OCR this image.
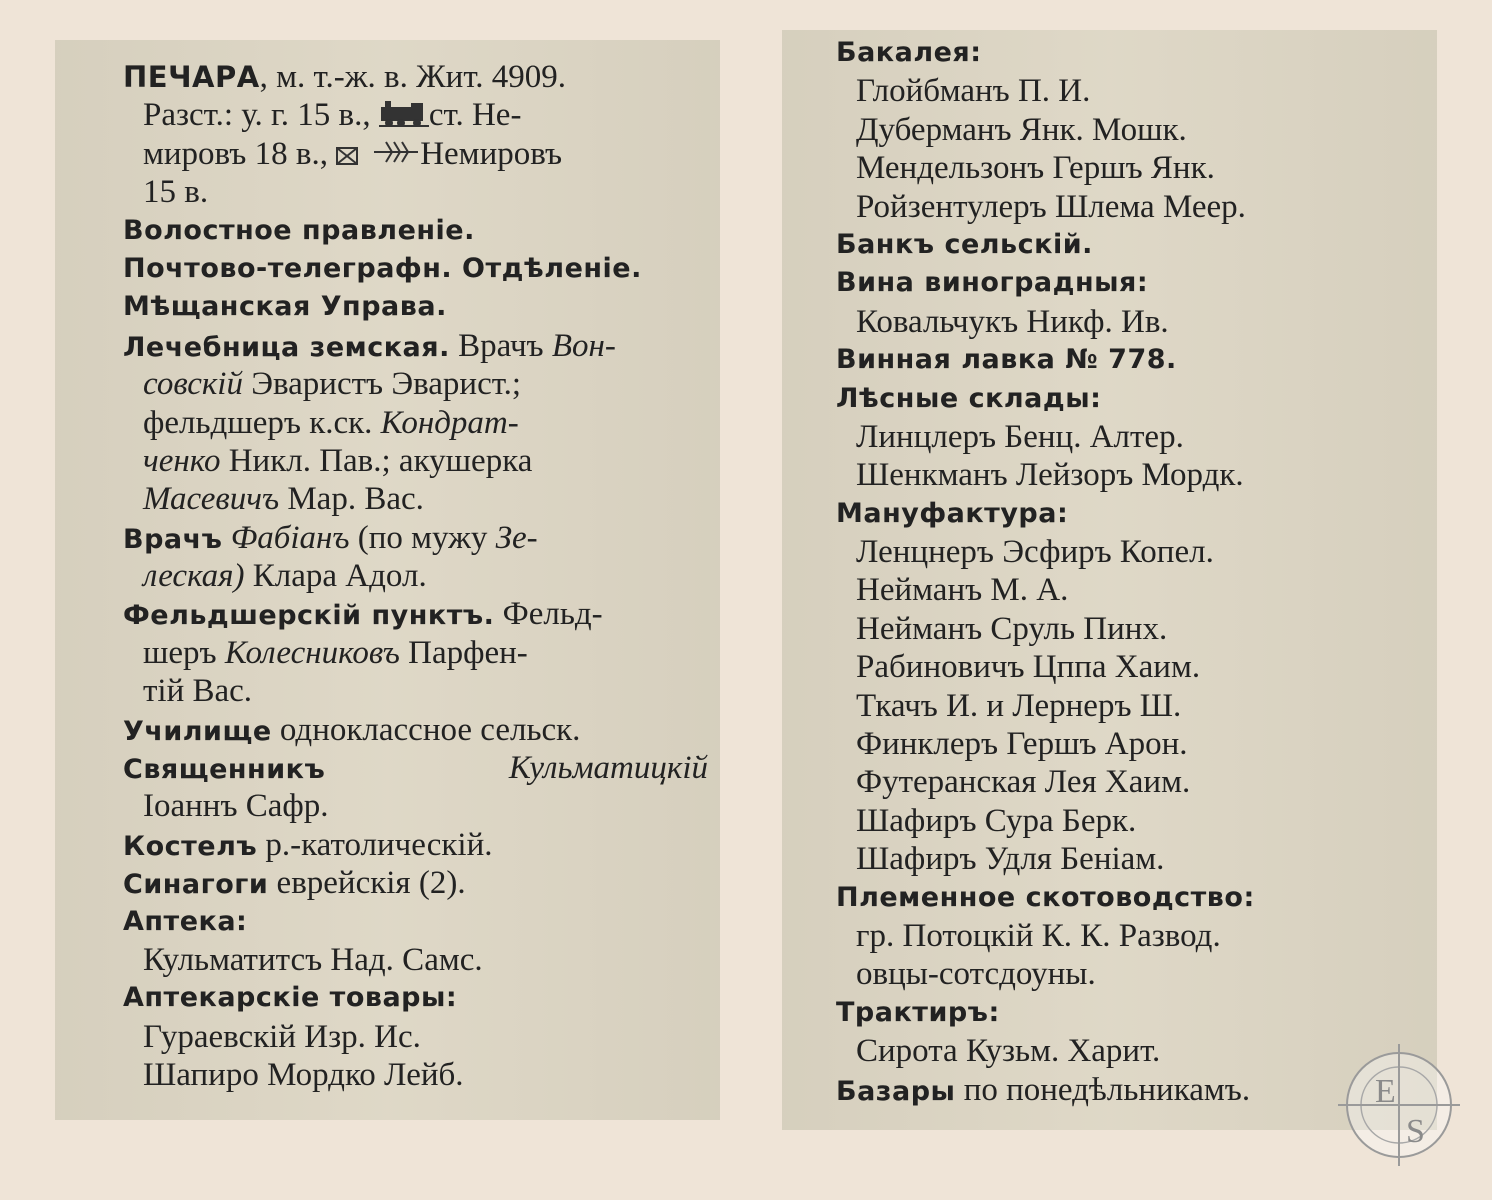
ПЕЧАРА, м. т.-ж. в. Жит. 4909.
Разст.: у. г. 15 в., ст. Не-
мировъ 18 в.,	Немировъ
15 в.
Волостное правленіе.
Почтово-телеграфн. Отдѣленіе.
Мѣщанская Управа.
Лечебница земская. Врачъ Вон-
совскій Эваристъ Эварист.;
фельдшеръ к.ск. Кондрат-
ченко Никл. Пав.; акушерка
Масевичъ Мар. Вас.
Врачъ Фабіанъ (по мужу Зе-
леская) Клара Адол.
Фельдшерскій пунктъ. Фельд-
шеръ Колесниковъ Парфен-
тій Вас.
Училище одноклассное сельск.
Священникъ	Кульматицкій
Іоаннъ Сафр.
Костелъ р.-католическій.
Синагоги еврейскія (2).
Аптека:
Кульматитсъ Над. Самс.
Аптекарскіе товары:
Гураевскій Изр. Ис.
Шапиро Мордко Лейб.
Бакалея:
Глойбманъ П. И.
Дуберманъ Янк. Мошк.
Мендельзонъ Гершъ Янк.
Ройзентулеръ Шлема Меер.
Банкъ сельскій.
Вина виноградныя:
Ковальчукъ Никф. Ив.
Винная лавка № 778.
Лѣсные склады:
Линцлеръ Бенц. Алтер.
Шенкманъ Лейзоръ Мордк.
Мануфактура:
Ленцнеръ Эсфиръ Копел.
Нейманъ М. А.
Нейманъ Сруль Пинх.
Рабиновичъ Цппа Хаим.
Ткачъ И. и Лернеръ Ш.
Финклеръ Гершъ Арон.
Футеранская Лея Хаим.
Шафиръ Сура Берк.
Шафиръ Удля Беніам.
Племенное скотоводство:
гр. Потоцкій К. К. Развод.
овцы-сотсдоуны.
Трактиръ:
Сирота Кузьм. Харит.
Базары по понедѣльникамъ.	E
S
